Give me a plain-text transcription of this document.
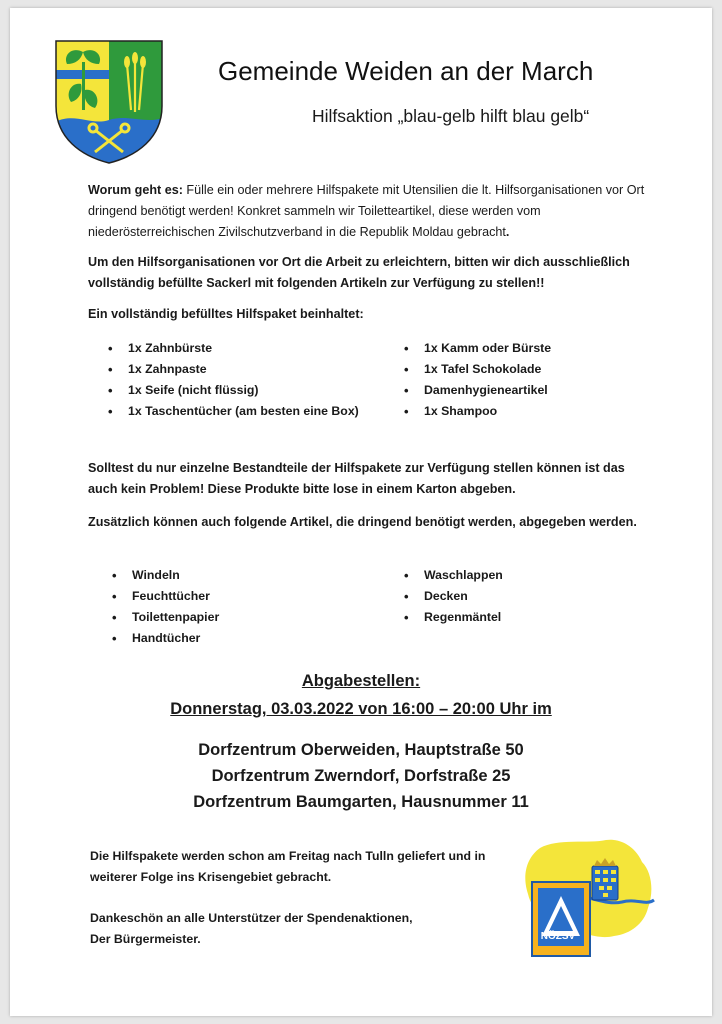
Gemeinde Weiden an der March
Hilfsaktion „blau-gelb hilft blau gelb“
Worum geht es: Fülle ein oder mehrere Hilfspakete mit Utensilien die lt. Hilfsorganisationen vor Ort dringend benötigt werden! Konkret sammeln wir Toiletteartikel, diese werden vom niederösterreichischen Zivilschutzverband in die Republik Moldau gebracht.
Um den Hilfsorganisationen vor Ort die Arbeit zu erleichtern, bitten wir dich ausschließlich vollständig befüllte Sackerl mit folgenden Artikeln zur Verfügung zu stellen!!
Ein vollständig befülltes Hilfspaket beinhaltet:
• 1x Zahnbürste
• 1x Zahnpaste
• 1x Seife (nicht flüssig)
• 1x Taschentücher (am besten eine Box)
• 1x Kamm oder Bürste
• 1x Tafel Schokolade
• Damenhygieneartikel
• 1x Shampoo
Solltest du nur einzelne Bestandteile der Hilfspakete zur Verfügung stellen können ist das auch kein Problem! Diese Produkte bitte lose in einem Karton abgeben.
Zusätzlich können auch folgende Artikel, die dringend benötigt werden, abgegeben werden.
• Windeln
• Feuchttücher
• Toilettenpapier
• Handtücher
• Waschlappen
• Decken
• Regenmäntel
Abgabestellen:
Donnerstag, 03.03.2022 von 16:00 – 20:00 Uhr im
Dorfzentrum Oberweiden, Hauptstraße 50
Dorfzentrum Zwerndorf, Dorfstraße 25
Dorfzentrum Baumgarten, Hausnummer 11
Die Hilfspakete werden schon am Freitag nach Tulln geliefert und in weiterer Folge ins Krisengebiet gebracht.
Dankeschön an alle Unterstützer der Spendenaktionen,
Der Bürgermeister.	NÖZSV
